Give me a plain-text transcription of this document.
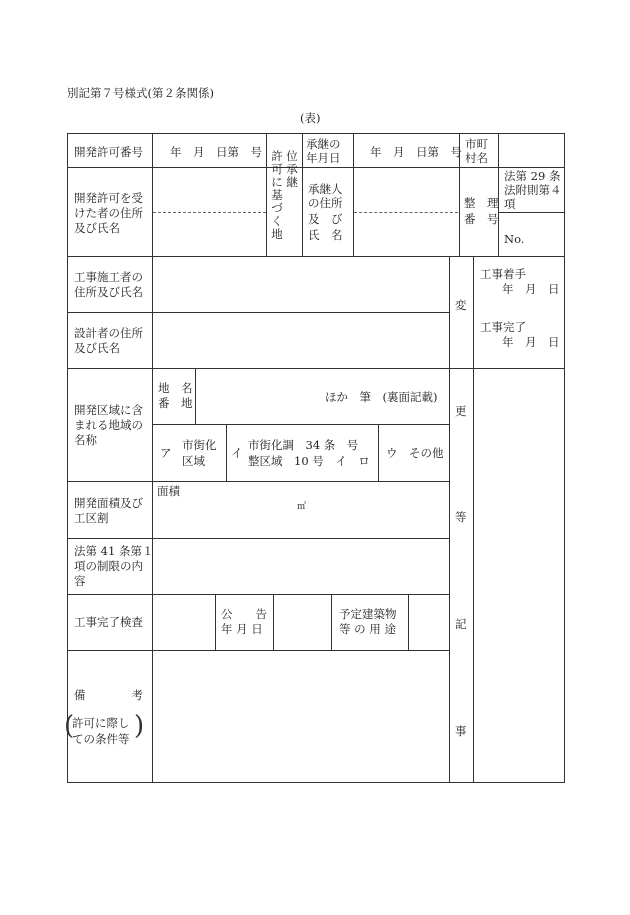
別記第７号様式(第２条関係)
(表)
開発許可番号 年　月　日第　号 許
可
に
基
づ
く
地
位
承
継
承継の
年月日	年　月　日第　号
市町
村名
開発許可を受
けた者の住所
及び氏名
承継人
の住所
及　び
氏　名
整　理
番　号
法第 29 条
法附則第４
項
No.
工事施工者の
住所及び氏名
設計者の住所
及び氏名
開発区域に含
まれる地域の
名称
地　名
番　地	ほか　筆　(裏面記載)
ア
市街化
区域
イ
市街化調　34 条　号
整区域　10 号　イ　ロ
ウ　その他
開発面積及び
工区割
面積
㎡
法第 41 条第１
項の制限の内
容
工事完了検査
公　　告
年 月 日
予定建築物
等 の 用 途
備　　　　考
(
許可に際し
ての条件等 )
変
更
等
記
事
工事着手
年　月　日
工事完了
年　月　日
